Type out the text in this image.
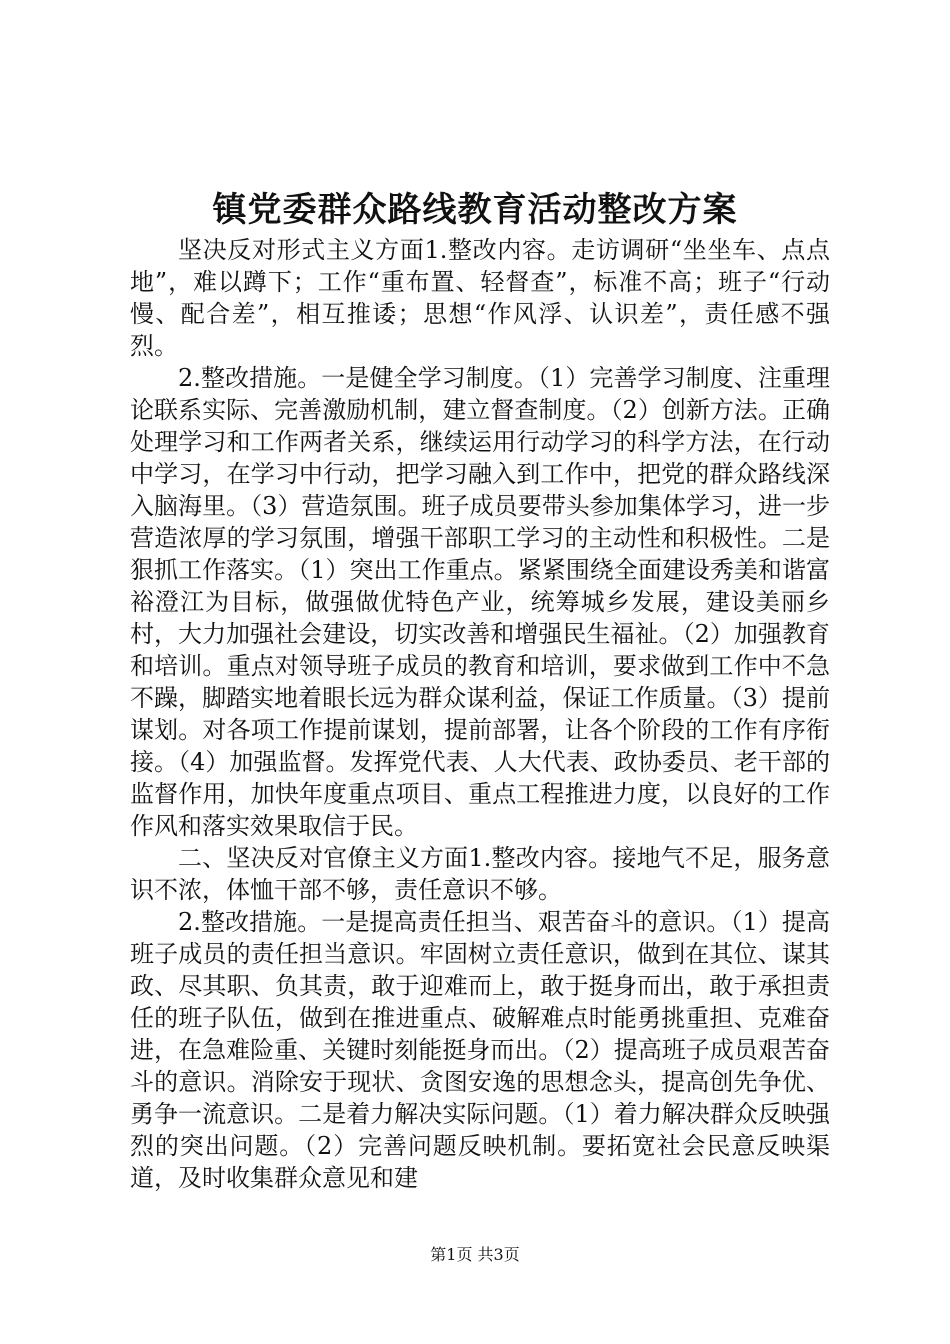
镇党委群众路线教育活动整改方案

坚决反对形式主义方面1.整改内容。走访调研“坐坐车、点点地”，难以蹲下；工作“重布置、轻督查”，标准不高；班子“行动慢、配合差”，相互推诿；思想“作风浮、认识差”，责任感不强烈。

2.整改措施。一是健全学习制度。（1）完善学习制度、注重理论联系实际、完善激励机制，建立督查制度。（2）创新方法。正确处理学习和工作两者关系，继续运用行动学习的科学方法，在行动中学习，在学习中行动，把学习融入到工作中，把党的群众路线深入脑海里。（3）营造氛围。班子成员要带头参加集体学习，进一步营造浓厚的学习氛围，增强干部职工学习的主动性和积极性。二是狠抓工作落实。（1）突出工作重点。紧紧围绕全面建设秀美和谐富裕澄江为目标，做强做优特色产业，统筹城乡发展，建设美丽乡村，大力加强社会建设，切实改善和增强民生福祉。（2）加强教育和培训。重点对领导班子成员的教育和培训，要求做到工作中不急不躁，脚踏实地着眼长远为群众谋利益，保证工作质量。（3）提前谋划。对各项工作提前谋划，提前部署，让各个阶段的工作有序衔接。（4）加强监督。发挥党代表、人大代表、政协委员、老干部的监督作用，加快年度重点项目、重点工程推进力度，以良好的工作作风和落实效果取信于民。

二、坚决反对官僚主义方面1.整改内容。接地气不足，服务意识不浓，体恤干部不够，责任意识不够。

2.整改措施。一是提高责任担当、艰苦奋斗的意识。（1）提高班子成员的责任担当意识。牢固树立责任意识，做到在其位、谋其政、尽其职、负其责，敢于迎难而上，敢于挺身而出，敢于承担责任的班子队伍，做到在推进重点、破解难点时能勇挑重担、克难奋进，在急难险重、关键时刻能挺身而出。（2）提高班子成员艰苦奋斗的意识。消除安于现状、贪图安逸的思想念头，提高创先争优、勇争一流意识。二是着力解决实际问题。（1）着力解决群众反映强烈的突出问题。（2）完善问题反映机制。要拓宽社会民意反映渠道，及时收集群众意见和建

第1页 共3页
